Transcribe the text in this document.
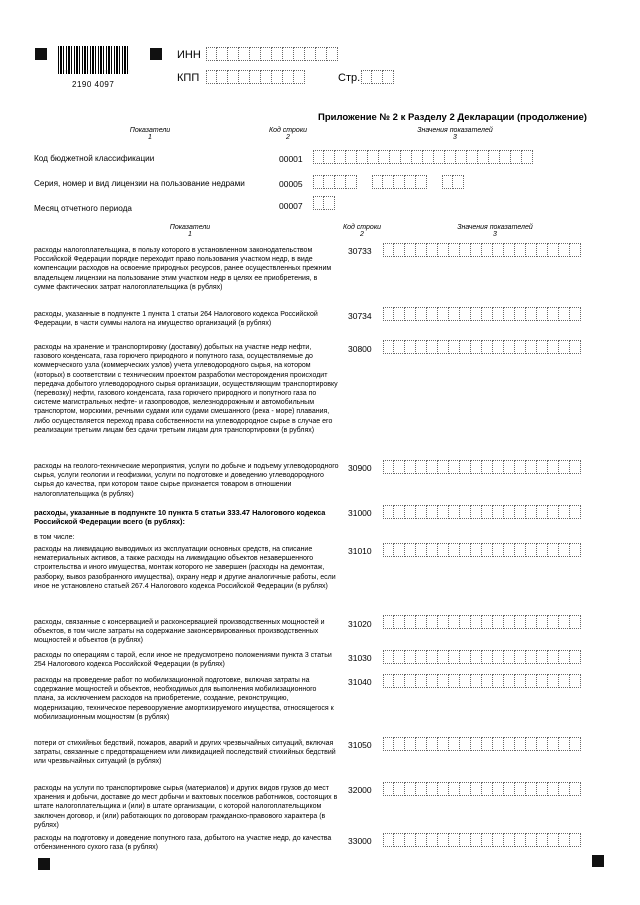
2190 4097
ИНН
КПП	Стр.
Приложение № 2 к Разделу 2 Декларации (продолжение)
Показатели
1
Код строки
2
Значения показателей
3
Код бюджетной классификации	00001
Серия, номер и вид лицензии на пользование недрами	00005
Месяц отчетного периода	00007
Показатели
1
Код строки
2
Значения показателей
3
расходы налогоплательщика, в пользу которого в установленном законодательством Российской Федерации порядке переходит право пользования участком недр, в виде компенсации расходов на освоение природных ресурсов, ранее осуществленных прежним владельцем лицензии на пользование этим участком недр в целях ее приобретения, в сумме фактических затрат налогоплательщика (в рублях)
30733
расходы, указанные в подпункте 1 пункта 1 статьи 264 Налогового кодекса Российской Федерации, в части суммы налога на имущество организаций (в рублях)
30734
расходы на хранение и транспортировку (доставку) добытых на участке недр нефти, газового конденсата, газа горючего природного и попутного газа, осуществляемые до коммерческого узла (коммерческих узлов) учета углеводородного сырья, на котором (которых) в соответствии с техническим проектом разработки месторождения происходит передача добытого углеводородного сырья организации, осуществляющим транспортировку (перевозку) нефти, газового конденсата, газа горючего природного и попутного газа по системе магистральных нефте- и газопроводов, железнодорожным и автомобильным транспортом, морскими, речными судами или судами смешанного (река - море) плавания, либо осуществляется переход права собственности на углеводородное сырье в случае его реализации третьим лицам без сдачи третьим лицам для транспортировки (в рублях)
30800
расходы на геолого-технические мероприятия, услуги по добыче и подъему углеводородного сырья, услуги геологии и геофизики, услуги по подготовке и доведению углеводородного сырья до качества, при котором такое сырье признается товаром в отношении налогоплательщика (в рублях)
30900
расходы, указанные в подпункте 10 пункта 5 статьи 333.47 Налогового кодекса Российской Федерации всего (в рублях):
31000
в том числе:
расходы на ликвидацию выводимых из эксплуатации основных средств, на списание нематериальных активов, а также расходы на ликвидацию объектов незавершенного строительства и иного имущества, монтаж которого не завершен (расходы на демонтаж, разборку, вывоз разобранного имущества), охрану недр и другие аналогичные работы, если иное не установлено статьей 267.4 Налогового кодекса Российской Федерации (в рублях)
31010
расходы, связанные с консервацией и расконсервацией производственных мощностей и объектов, в том числе затраты на содержание законсервированных производственных мощностей и объектов (в рублях)
31020
расходы по операциям с тарой, если иное не предусмотрено положениями пункта 3 статьи 254 Налогового кодекса Российской Федерации (в рублях)
31030
расходы на проведение работ по мобилизационной подготовке, включая затраты на содержание мощностей и объектов, необходимых для выполнения мобилизационного плана, за исключением расходов на приобретение, создание, реконструкцию, модернизацию, техническое перевооружение амортизируемого имущества, относящегося к мобилизационным мощностям (в рублях)
31040
потери от стихийных бедствий, пожаров, аварий и других чрезвычайных ситуаций, включая затраты, связанные с предотвращением или ликвидацией последствий стихийных бедствий или чрезвычайных ситуаций (в рублях)
31050
расходы на услуги по транспортировке сырья (материалов) и других видов грузов до мест хранения и добычи, доставке до мест добычи и вахтовых поселков работников, состоящих в штате налогоплательщика и (или) в штате организации, с которой налогоплательщиком заключен договор, и (или) работающих по договорам гражданско-правового характера (в рублях)
32000
расходы на подготовку и доведение попутного газа, добытого на участке недр, до качества отбензиненного сухого газа (в рублях)
33000
